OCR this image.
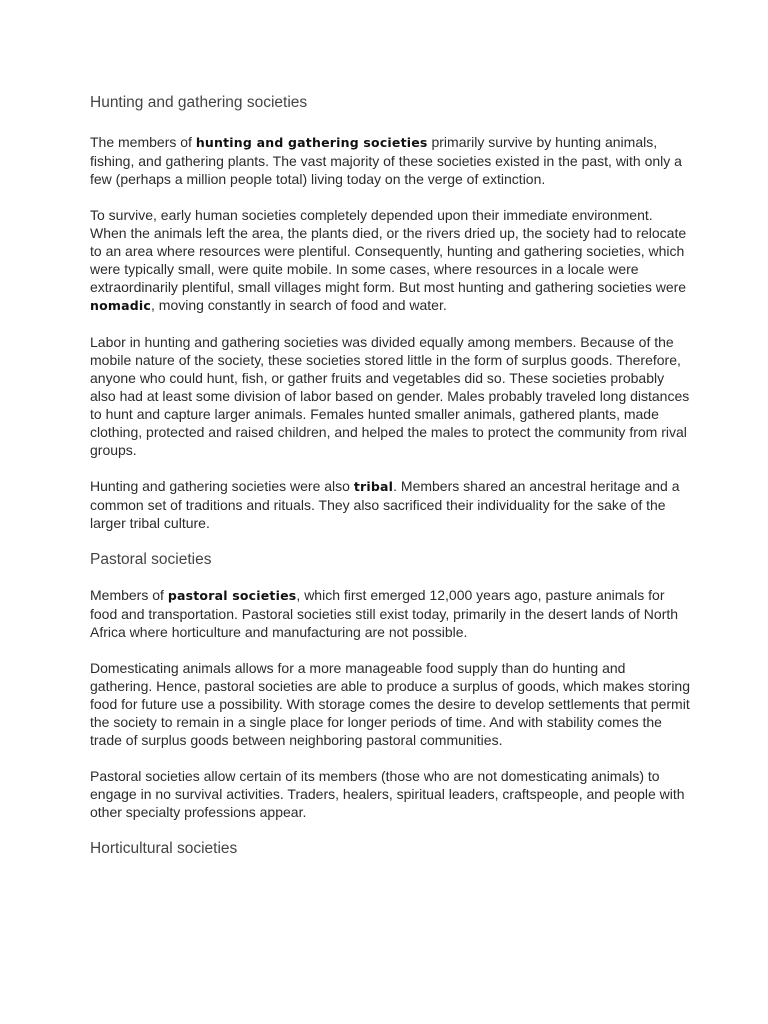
Hunting and gathering societies

The members of hunting and gathering societies primarily survive by hunting animals, fishing, and gathering plants. The vast majority of these societies existed in the past, with only a few (perhaps a million people total) living today on the verge of extinction.

To survive, early human societies completely depended upon their immediate environment. When the animals left the area, the plants died, or the rivers dried up, the society had to relocate to an area where resources were plentiful. Consequently, hunting and gathering societies, which were typically small, were quite mobile. In some cases, where resources in a locale were extraordinarily plentiful, small villages might form. But most hunting and gathering societies were nomadic, moving constantly in search of food and water.

Labor in hunting and gathering societies was divided equally among members. Because of the mobile nature of the society, these societies stored little in the form of surplus goods. Therefore, anyone who could hunt, fish, or gather fruits and vegetables did so. These societies probably also had at least some division of labor based on gender. Males probably traveled long distances to hunt and capture larger animals. Females hunted smaller animals, gathered plants, made clothing, protected and raised children, and helped the males to protect the community from rival groups.

Hunting and gathering societies were also tribal. Members shared an ancestral heritage and a common set of traditions and rituals. They also sacrificed their individuality for the sake of the larger tribal culture.

Pastoral societies

Members of pastoral societies, which first emerged 12,000 years ago, pasture animals for food and transportation. Pastoral societies still exist today, primarily in the desert lands of North Africa where horticulture and manufacturing are not possible.

Domesticating animals allows for a more manageable food supply than do hunting and gathering. Hence, pastoral societies are able to produce a surplus of goods, which makes storing food for future use a possibility. With storage comes the desire to develop settlements that permit the society to remain in a single place for longer periods of time. And with stability comes the trade of surplus goods between neighboring pastoral communities.

Pastoral societies allow certain of its members (those who are not domesticating animals) to engage in no survival activities. Traders, healers, spiritual leaders, craftspeople, and people with other specialty professions appear.

Horticultural societies
